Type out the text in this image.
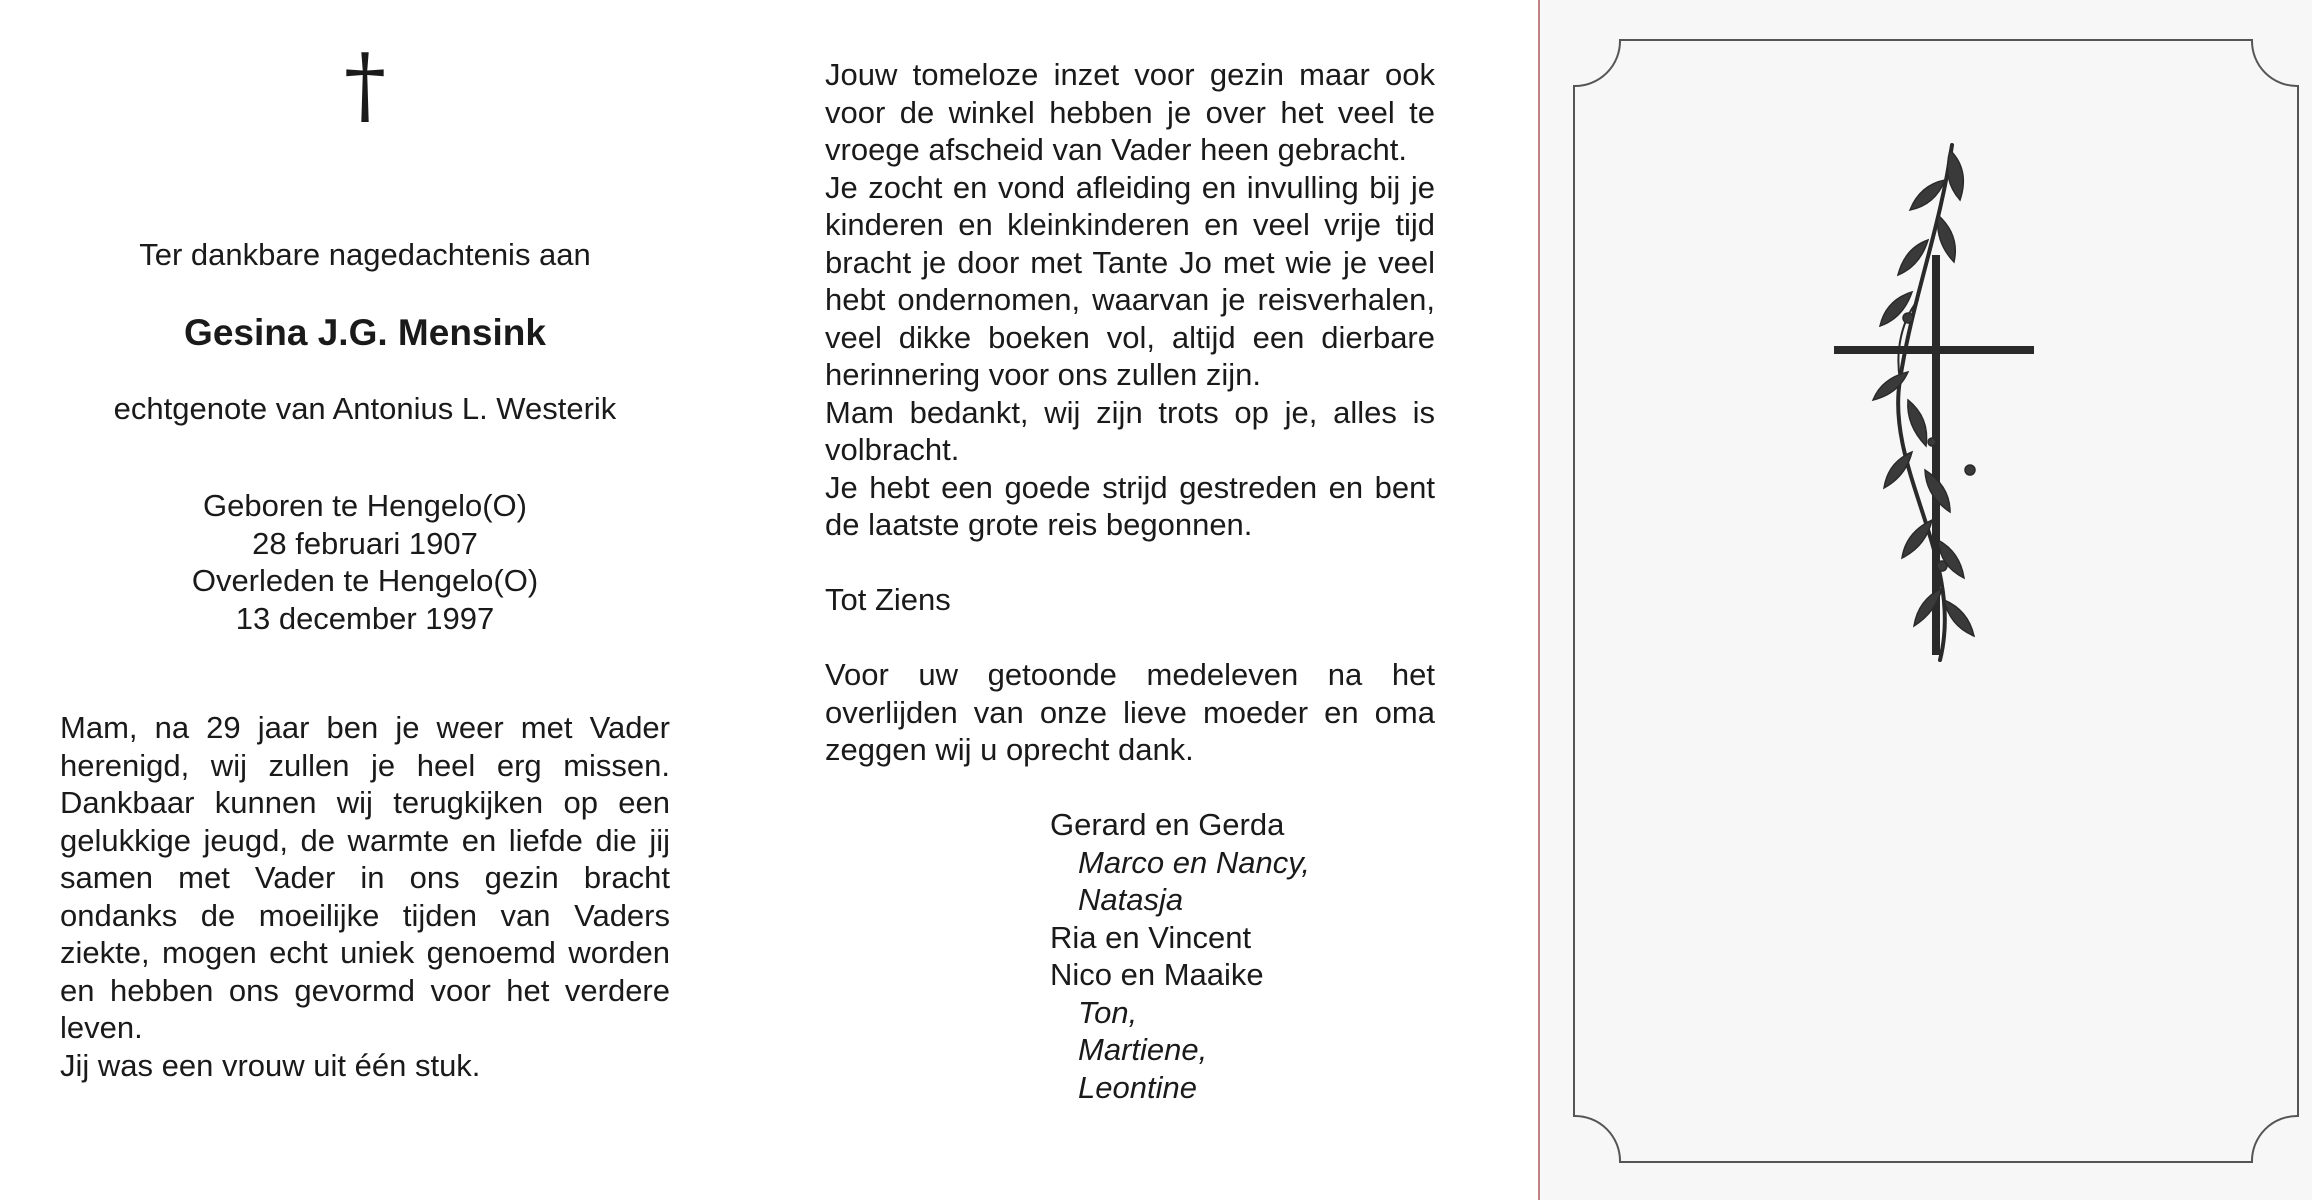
†

Ter dankbare nagedachtenis aan

Gesina J.G. Mensink

echtgenote van Antonius L. Westerik

Geboren te Hengelo(O)

28 februari 1907

Overleden te Hengelo(O)

13 december 1997

Mam, na 29 jaar ben je weer met Vader herenigd, wij zullen je heel erg missen. Dankbaar kunnen wij terugkijken op een gelukkige jeugd, de warmte en liefde die jij samen met Vader in ons gezin bracht ondanks de moeilijke tijden van Vaders ziekte, mogen echt uniek genoemd worden en hebben ons gevormd voor het verdere leven.

Jij was een vrouw uit één stuk.

Jouw tomeloze inzet voor gezin maar ook voor de winkel hebben je over het veel te vroege afscheid van Vader heen gebracht.

Je zocht en vond afleiding en invulling bij je kinderen en kleinkinderen en veel vrije tijd bracht je door met Tante Jo met wie je veel hebt ondernomen, waarvan je reisverhalen, veel dikke boeken vol, altijd een dierbare herinnering voor ons zullen zijn.

Mam bedankt, wij zijn trots op je, alles is volbracht.

Je hebt een goede strijd gestreden en bent de laatste grote reis begonnen.

Tot Ziens

Voor uw getoonde medeleven na het overlijden van onze lieve moeder en oma zeggen wij u oprecht dank.

Gerard en Gerda

Marco en Nancy,

Natasja

Ria en Vincent

Nico en Maaike

Ton,

Martiene,

Leontine
